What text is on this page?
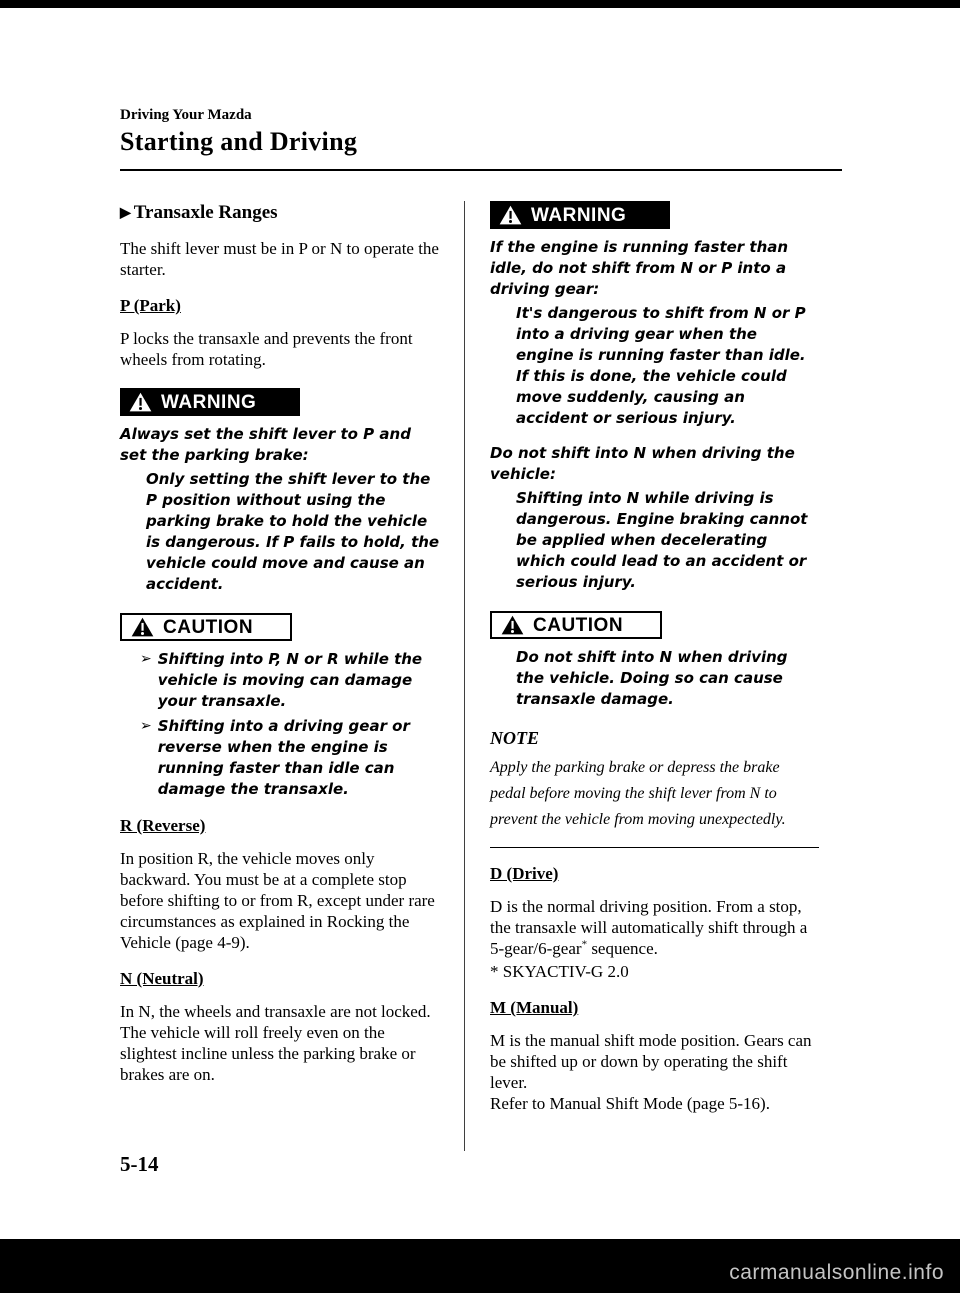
Driving Your Mazda
Starting and Driving
▶ Transaxle Ranges

The shift lever must be in P or N to operate the starter.

P (Park)

P locks the transaxle and prevents the front wheels from rotating.

WARNING
Always set the shift lever to P and set the parking brake:
Only setting the shift lever to the P position without using the parking brake to hold the vehicle is dangerous. If P fails to hold, the vehicle could move and cause an accident.
CAUTION
➢ Shifting into P, N or R while the vehicle is moving can damage your transaxle.
➢ Shifting into a driving gear or reverse when the engine is running faster than idle can damage the transaxle.
R (Reverse)

In position R, the vehicle moves only backward. You must be at a complete stop before shifting to or from R, except under rare circumstances as explained in Rocking the Vehicle (page 4-9).

N (Neutral)

In N, the wheels and transaxle are not locked. The vehicle will roll freely even on the slightest incline unless the parking brake or brakes are on.

WARNING
If the engine is running faster than idle, do not shift from N or P into a driving gear:
It's dangerous to shift from N or P into a driving gear when the engine is running faster than idle. If this is done, the vehicle could move suddenly, causing an accident or serious injury.
Do not shift into N when driving the vehicle:
Shifting into N while driving is dangerous. Engine braking cannot be applied when decelerating which could lead to an accident or serious injury.
CAUTION
Do not shift into N when driving the vehicle. Doing so can cause transaxle damage.
NOTE
Apply the parking brake or depress the brake pedal before moving the shift lever from N to prevent the vehicle from moving unexpectedly.
D (Drive)

D is the normal driving position. From a stop, the transaxle will automatically shift through a 5-gear/6-gear* sequence.

* SKYACTIV-G 2.0
M (Manual)

M is the manual shift mode position. Gears can be shifted up or down by operating the shift lever.

Refer to Manual Shift Mode (page 5-16).

5-14
carmanualsonline.info
